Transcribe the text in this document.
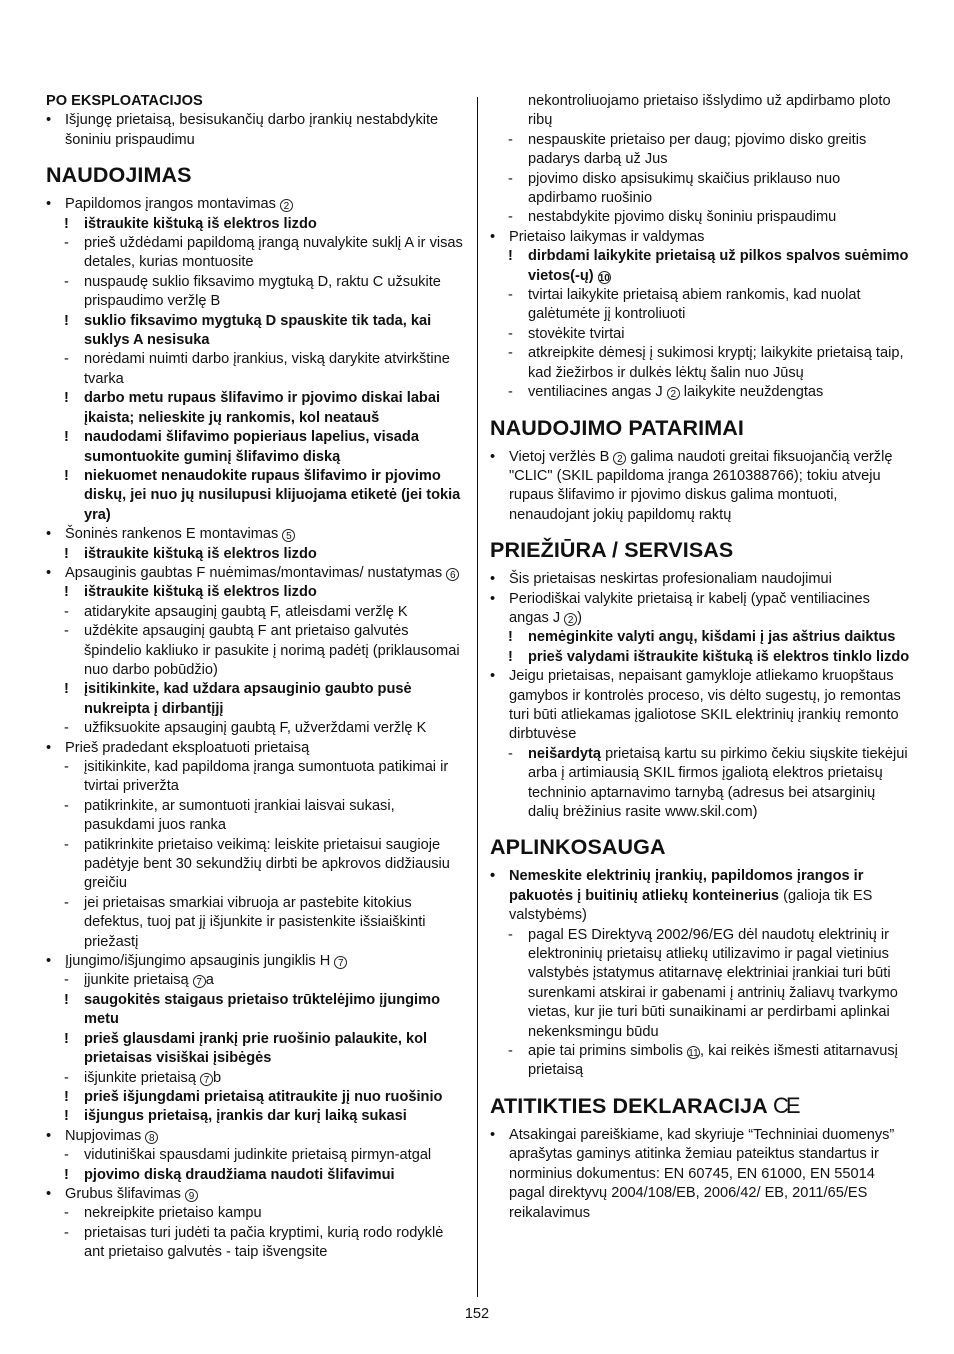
PO EKSPLOATACIJOS
• Išjungę prietaisą, besisukančių darbo įrankių nestabdykite šoniniu prispaudimu
NAUDOJIMAS
• Papildomos įrangos montavimas 2
! ištraukite kištuką iš elektros lizdo
- prieš uždėdami papildomą įrangą nuvalykite suklį A ir visas detales, kurias montuosite
- nuspaudę suklio fiksavimo mygtuką D, raktu C užsukite prispaudimo veržlę B
! suklio fiksavimo mygtuką D spauskite tik tada, kai suklys A nesisuka
- norėdami nuimti darbo įrankius, viską darykite atvirkštine tvarka
! darbo metu rupaus šlifavimo ir pjovimo diskai labai įkaista; nelieskite jų rankomis, kol neatauš
! naudodami šlifavimo popieriaus lapelius, visada sumontuokite guminį šlifavimo diską
! niekuomet nenaudokite rupaus šlifavimo ir pjovimo diskų, jei nuo jų nusilupusi klijuojama etiketė (jei tokia yra)
• Šoninės rankenos E montavimas 5
! ištraukite kištuką iš elektros lizdo
• Apsauginis gaubtas F nuėmimas/montavimas/ nustatymas 6
! ištraukite kištuką iš elektros lizdo
- atidarykite apsauginį gaubtą F, atleisdami veržlę K
- uždėkite apsauginį gaubtą F ant prietaiso galvutės špindelio kakliuko ir pasukite į norimą padėtį (priklausomai nuo darbo pobūdžio)
! įsitikinkite, kad uždara apsauginio gaubto pusė nukreipta į dirbantįjį
- užfiksuokite apsauginį gaubtą F, užverždami veržlę K
• Prieš pradedant eksploatuoti prietaisą
- įsitikinkite, kad papildoma įranga sumontuota patikimai ir tvirtai priveržta
- patikrinkite, ar sumontuoti įrankiai laisvai sukasi, pasukdami juos ranka
- patikrinkite prietaiso veikimą: leiskite prietaisui saugioje padėtyje bent 30 sekundžių dirbti be apkrovos didžiausiu greičiu
- jei prietaisas smarkiai vibruoja ar pastebite kitokius defektus, tuoj pat jį išjunkite ir pasistenkite išsiaiškinti priežastį
• Įjungimo/išjungimo apsauginis jungiklis H 7
- įjunkite prietaisą 7 a
! saugokitės staigaus prietaiso trūktelėjimo įjungimo metu
! prieš glausdami įrankį prie ruošinio palaukite, kol prietaisas visiškai įsibėgės
- išjunkite prietaisą 7 b
! prieš išjungdami prietaisą atitraukite jį nuo ruošinio
! išjungus prietaisą, įrankis dar kurį laiką sukasi
• Nupjovimas 8
- vidutiniškai spausdami judinkite prietaisą pirmyn-atgal
! pjovimo diską draudžiama naudoti šlifavimui
• Grubus šlifavimas 9
- nekreipkite prietaiso kampu
- prietaisas turi judėti ta pačia kryptimi, kurią rodo rodyklė ant prietaiso galvutės - taip išvengsite
nekontroliuojamo prietaiso išslydimo už apdirbamo ploto ribų
- nespauskite prietaiso per daug; pjovimo disko greitis padarys darbą už Jus
- pjovimo disko apsisukimų skaičius priklauso nuo apdirbamo ruošinio
- nestabdykite pjovimo diskų šoniniu prispaudimu
• Prietaiso laikymas ir valdymas
! dirbdami laikykite prietaisą už pilkos spalvos suėmimo vietos(-ų) 10
- tvirtai laikykite prietaisą abiem rankomis, kad nuolat galėtumėte jį kontroliuoti
- stovėkite tvirtai
- atkreipkite dėmesį į sukimosi kryptį; laikykite prietaisą taip, kad žiežirbos ir dulkės lėktų šalin nuo Jūsų
- ventiliacines angas J 2 laikykite neuždengtas
NAUDOJIMO PATARIMAI
• Vietoj veržlės B 2 galima naudoti greitai fiksuojančią veržlę "CLIC" (SKIL papildoma įranga 2610388766); tokiu atveju rupaus šlifavimo ir pjovimo diskus galima montuoti, nenaudojant jokių papildomų raktų
PRIEŽIŪRA / SERVISAS
• Šis prietaisas neskirtas profesionaliam naudojimui
• Periodiškai valykite prietaisą ir kabelį (ypač ventiliacines angas J 2 )
! nemėginkite valyti angų, kišdami į jas aštrius daiktus
! prieš valydami ištraukite kištuką iš elektros tinklo lizdo
• Jeigu prietaisas, nepaisant gamykloje atliekamo kruopštaus gamybos ir kontrolės proceso, vis dėlto sugestų, jo remontas turi būti atliekamas įgaliotose SKIL elektrinių įrankių remonto dirbtuvėse
- neišardytą prietaisą kartu su pirkimo čekiu siųskite tiekėjui arba į artimiausią SKIL firmos įgaliotą elektros prietaisų techninio aptarnavimo tarnybą (adresus bei atsarginių dalių brėžinius rasite www.skil.com)
APLINKOSAUGA
• Nemeskite elektrinių įrankių, papildomos įrangos ir pakuotės į buitinių atliekų konteinerius (galioja tik ES valstybėms)
- pagal ES Direktyvą 2002/96/EG dėl naudotų elektrinių ir elektroninių prietaisų atliekų utilizavimo ir pagal vietinius valstybės įstatymus atitarnavę elektriniai įrankiai turi būti surenkami atskirai ir gabenami į antrinių žaliavų tvarkymo vietas, kur jie turi būti sunaikinami ar perdirbami aplinkai nekenksmingu būdu
- apie tai primins simbolis 11, kai reikės išmesti atitarnavusį prietaisą
ATITIKTIES DEKLARACIJA CE
• Atsakingai pareiškiame, kad skyriuje “Techniniai duomenys” aprašytas gaminys atitinka žemiau pateiktus standartus ir norminius dokumentus: EN 60745, EN 61000, EN 55014 pagal direktyvų 2004/108/EB, 2006/42/ EB, 2011/65/ES reikalavimus
152
